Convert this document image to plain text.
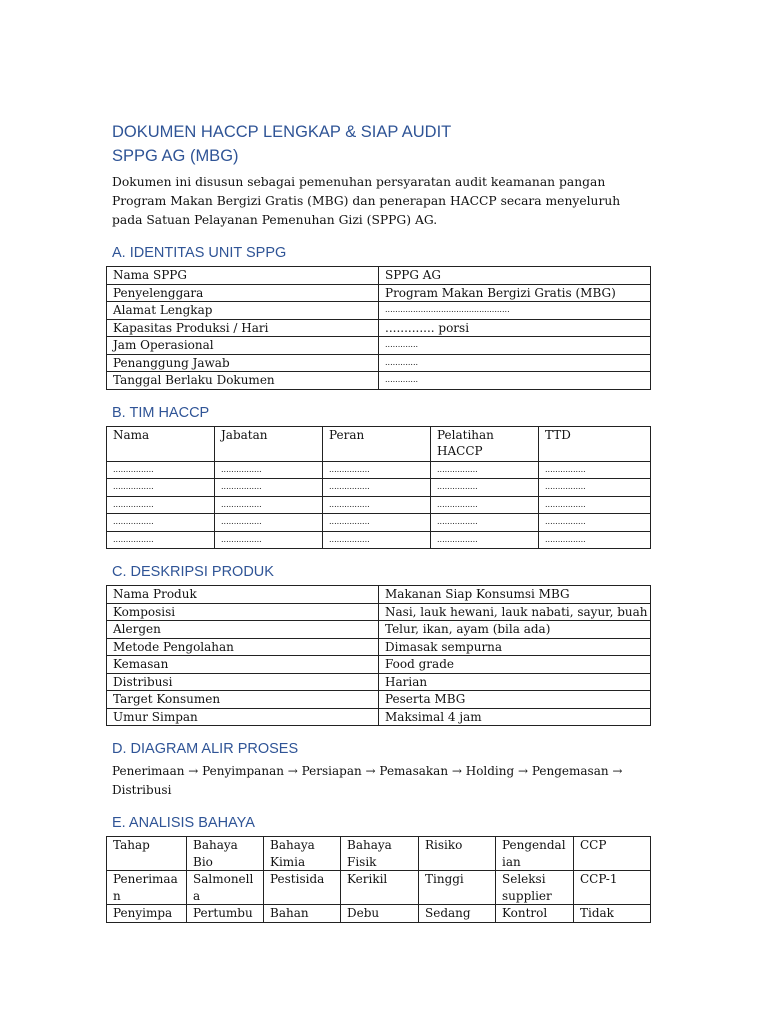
DOKUMEN HACCP LENGKAP & SIAP AUDIT
SPPG AG (MBG)

Dokumen ini disusun sebagai pemenuhan persyaratan audit keamanan pangan Program Makan Bergizi Gratis (MBG) dan penerapan HACCP secara menyeluruh pada Satuan Pelayanan Pemenuhan Gizi (SPPG) AG.

A. IDENTITAS UNIT SPPG
Nama SPPG	SPPG AG
Penyelenggara	Program Makan Bergizi Gratis (MBG)
Alamat Lengkap	.................................................
Kapasitas Produksi / Hari	............. porsi
Jam Operasional	.............
Penanggung Jawab	.............
Tanggal Berlaku Dokumen	.............
B. TIM HACCP
Nama	Jabatan	Peran	Pelatihan HACCP	TTD
................	................	................	................	................
................	................	................	................	................
................	................	................	................	................
................	................	................	................	................
................	................	................	................	................
C. DESKRIPSI PRODUK
Nama Produk	Makanan Siap Konsumsi MBG
Komposisi	Nasi, lauk hewani, lauk nabati, sayur, buah
Alergen	Telur, ikan, ayam (bila ada)
Metode Pengolahan	Dimasak sempurna
Kemasan	Food grade
Distribusi	Harian
Target Konsumen	Peserta MBG
Umur Simpan	Maksimal 4 jam
D. DIAGRAM ALIR PROSES

Penerimaan → Penyimpanan → Persiapan → Pemasakan → Holding → Pengemasan → Distribusi

E. ANALISIS BAHAYA
Tahap	Bahaya Bio	Bahaya Kimia	Bahaya Fisik	Risiko	Pengendalian	CCP
Penerimaan	Salmonella	Pestisida	Kerikil	Tinggi	Seleksi supplier	CCP-1
Penyimpa	Pertumbu	Bahan	Debu	Sedang	Kontrol	Tidak
